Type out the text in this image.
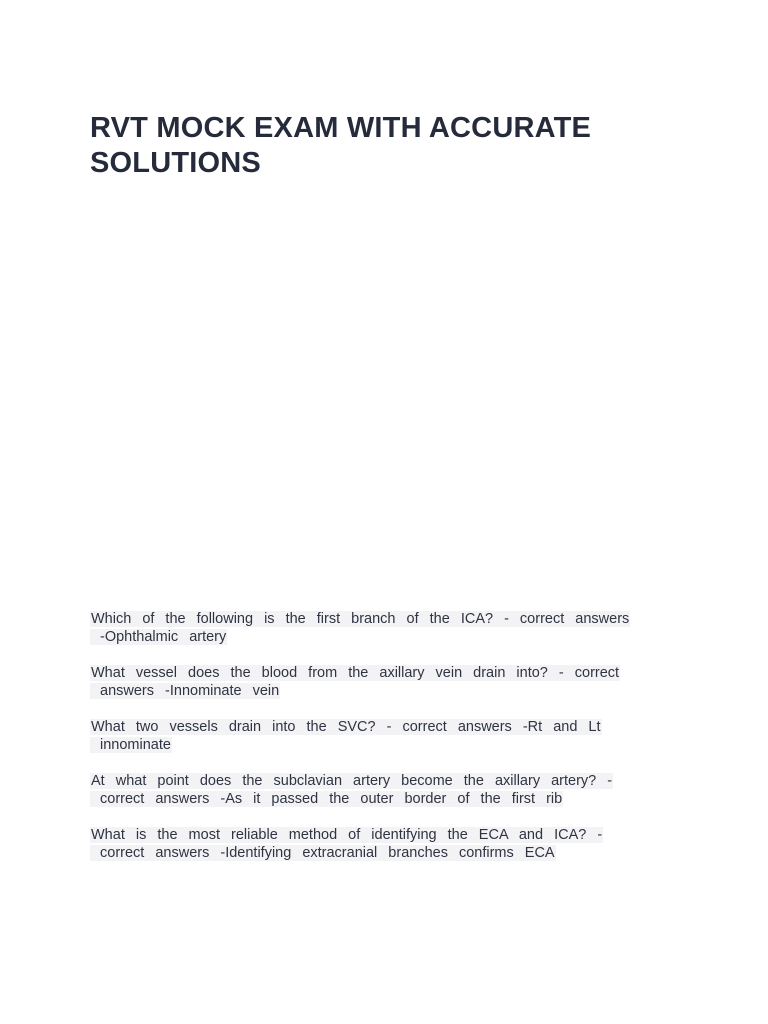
RVT MOCK EXAM WITH ACCURATE SOLUTIONS

Which of the following is the first branch of the ICA? - correct answers
-Ophthalmic artery

What vessel does the blood from the axillary vein drain into? - correct
answers -Innominate vein

What two vessels drain into the SVC? - correct answers -Rt and Lt
innominate

At what point does the subclavian artery become the axillary artery? -
correct answers -As it passed the outer border of the first rib

What is the most reliable method of identifying the ECA and ICA? -
correct answers -Identifying extracranial branches confirms ECA
